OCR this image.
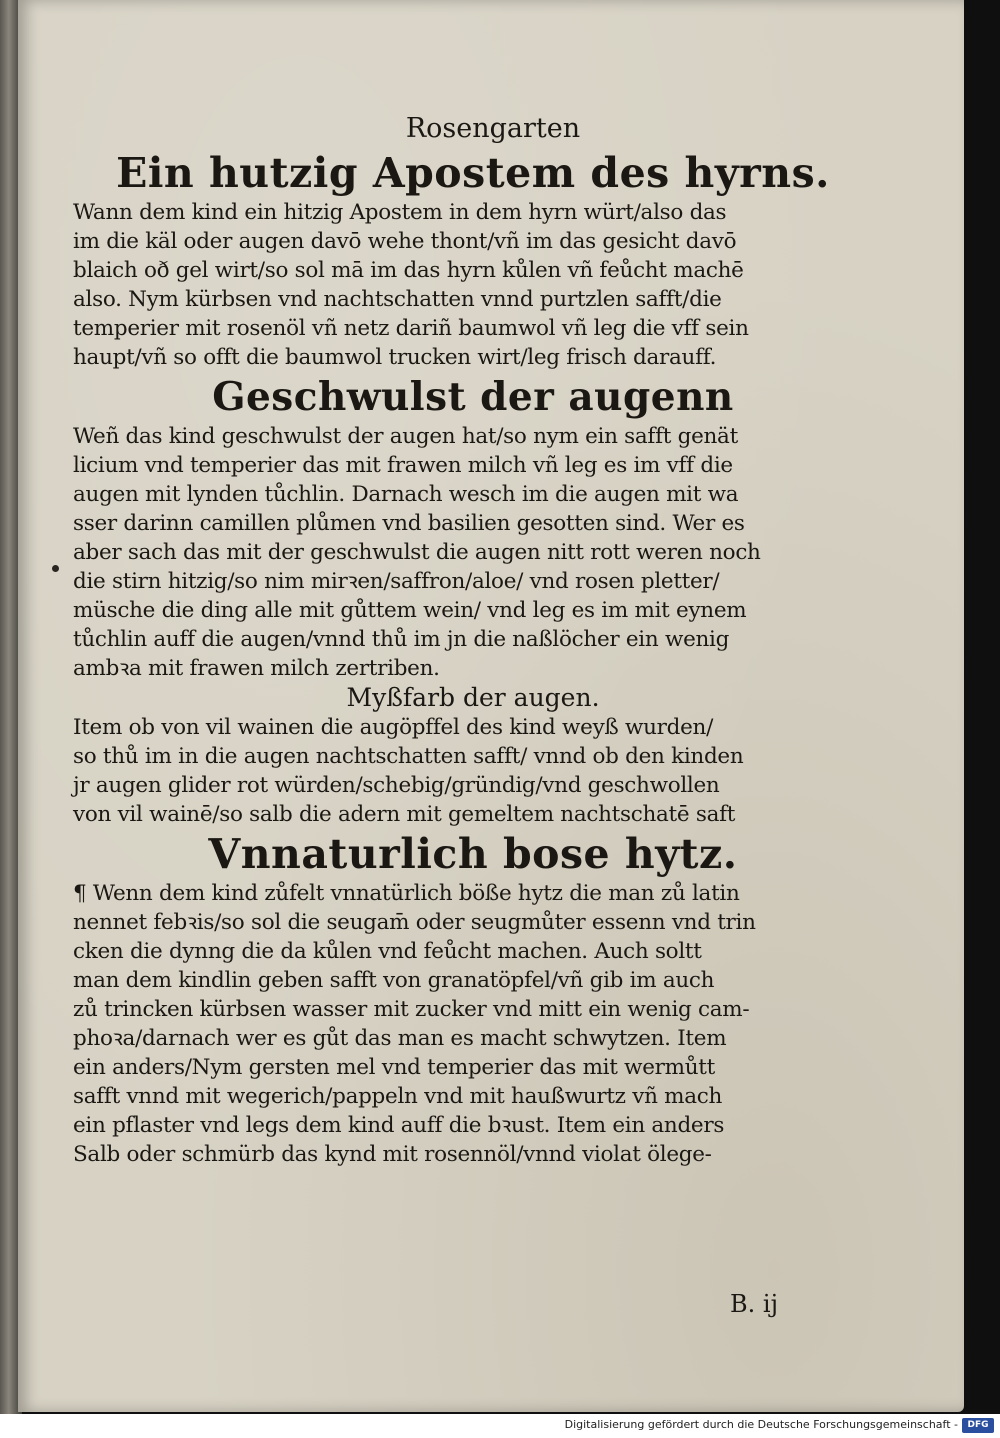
Rosengarten
Ein hutzig Apostem des hyrns.
Wann dem kind ein hitzig Apostem in dem hyrn würt/also das
im die käl oder augen davō wehe thont/vñ im das gesicht davō
blaich oð gel wirt/so sol mā im das hyrn kůlen vñ feůcht machē
also. Nym kürbsen vnd nachtschatten vnnd purtzlen safft/die
temperier mit rosenöl vñ netz dariñ baumwol vñ leg die vff sein
haupt/vñ so offt die baumwol trucken wirt/leg frisch darauff.
Geschwulst der augenn
Weñ das kind geschwulst der augen hat/so nym ein safft genät
licium vnd temperier das mit frawen milch vñ leg es im vff die
augen mit lynden tůchlin. Darnach wesch im die augen mit wa
sser darinn camillen plůmen vnd basilien gesotten sind. Wer es
aber sach das mit der geschwulst die augen nitt rott weren noch
die stirn hitzig/so nim mirꝛen/saffron/aloe/ vnd rosen pletter/
müsche die ding alle mit gůttem wein/ vnd leg es im mit eynem
tůchlin auff die augen/vnnd thů im jn die naßlöcher ein wenig
ambꝛa mit frawen milch zertriben.
Myßfarb der augen.
Item ob von vil wainen die augöpffel des kind weyß wurden/
so thů im in die augen nachtschatten safft/ vnnd ob den kinden
jr augen glider rot würden/schebig/gründig/vnd geschwollen
von vil wainē/so salb die adern mit gemeltem nachtschatē saft
Vnnaturlich bose hytz.
¶ Wenn dem kind zůfelt vnnatürlich böße hytz die man zů latin
nennet febꝛis/so sol die seugam̄ oder seugmůter essenn vnd trin
cken die dynng die da kůlen vnd feůcht machen. Auch soltt
man dem kindlin geben safft von granatöpfel/vñ gib im auch
zů trincken kürbsen wasser mit zucker vnd mitt ein wenig cam-
phoꝛa/darnach wer es gůt das man es macht schwytzen. Item
ein anders/Nym gersten mel vnd temperier das mit wermůtt
safft vnnd mit wegerich/pappeln vnd mit haußwurtz vñ mach
ein pflaster vnd legs dem kind auff die bꝛust. Item ein anders
Salb oder schmürb das kynd mit rosennöl/vnnd violat ölege-
B. ij
Digitalisierung gefördert durch die Deutsche Forschungsgemeinschaft -	DFG
